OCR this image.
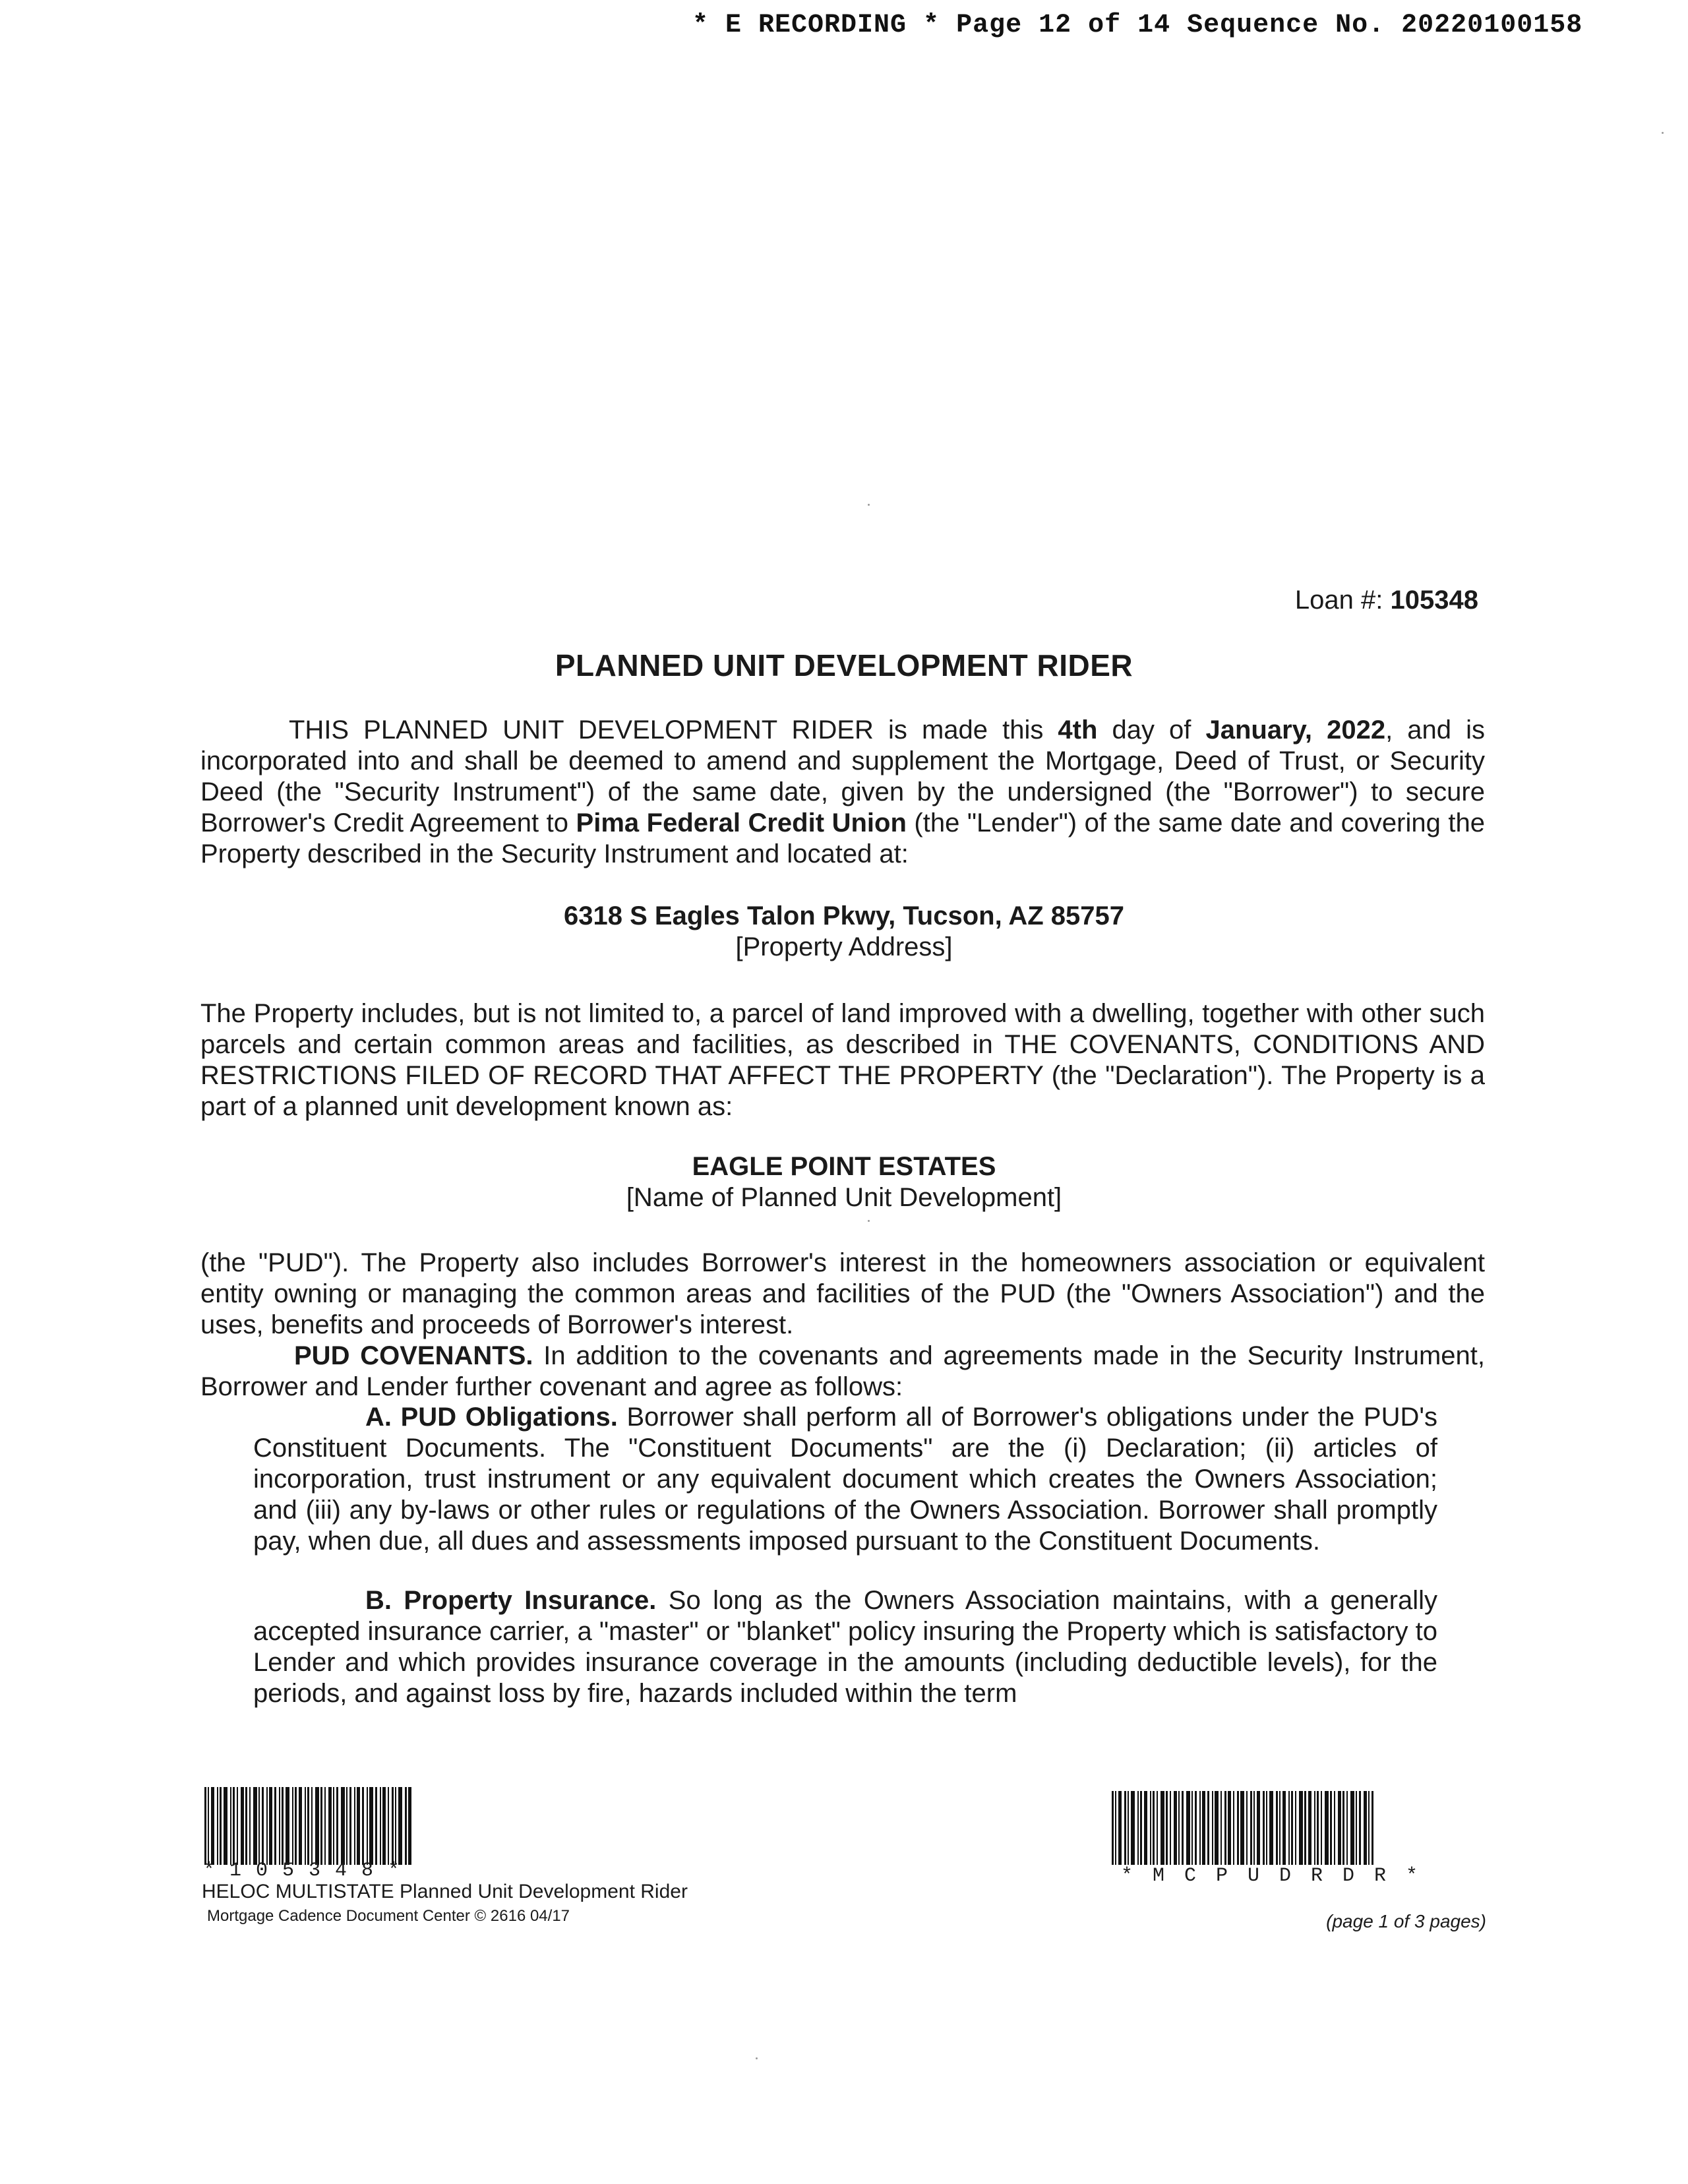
* E RECORDING * Page 12 of 14 Sequence No. 20220100158
Loan #: 105348
PLANNED UNIT DEVELOPMENT RIDER
THIS PLANNED UNIT DEVELOPMENT RIDER is made this 4th day of January, 2022, and is incorporated into and shall be deemed to amend and supplement the Mortgage, Deed of Trust, or Security Deed (the "Security Instrument") of the same date, given by the undersigned (the "Borrower") to secure Borrower's Credit Agreement to Pima Federal Credit Union (the "Lender") of the same date and covering the Property described in the Security Instrument and located at:
6318 S Eagles Talon Pkwy, Tucson, AZ 85757
[Property Address]
The Property includes, but is not limited to, a parcel of land improved with a dwelling, together with other such parcels and certain common areas and facilities, as described in THE COVENANTS, CONDITIONS AND RESTRICTIONS FILED OF RECORD THAT AFFECT THE PROPERTY (the "Declaration"). The Property is a part of a planned unit development known as:
EAGLE POINT ESTATES
[Name of Planned Unit Development]
(the "PUD"). The Property also includes Borrower's interest in the homeowners association or equivalent entity owning or managing the common areas and facilities of the PUD (the "Owners Association") and the uses, benefits and proceeds of Borrower's interest.
PUD COVENANTS. In addition to the covenants and agreements made in the Security Instrument, Borrower and Lender further covenant and agree as follows:
A. PUD Obligations. Borrower shall perform all of Borrower's obligations under the PUD's Constituent Documents. The "Constituent Documents" are the (i) Declaration; (ii) articles of incorporation, trust instrument or any equivalent document which creates the Owners Association; and (iii) any by-laws or other rules or regulations of the Owners Association. Borrower shall promptly pay, when due, all dues and assessments imposed pursuant to the Constituent Documents.
B. Property Insurance. So long as the Owners Association maintains, with a generally accepted insurance carrier, a "master" or "blanket" policy insuring the Property which is satisfactory to Lender and which provides insurance coverage in the amounts (including deductible levels), for the periods, and against loss by fire, hazards included within the term
*105348*	*MCPUDRDR*
HELOC MULTISTATE Planned Unit Development Rider
Mortgage Cadence Document Center © 2616 04/17	(page 1 of 3 pages)
